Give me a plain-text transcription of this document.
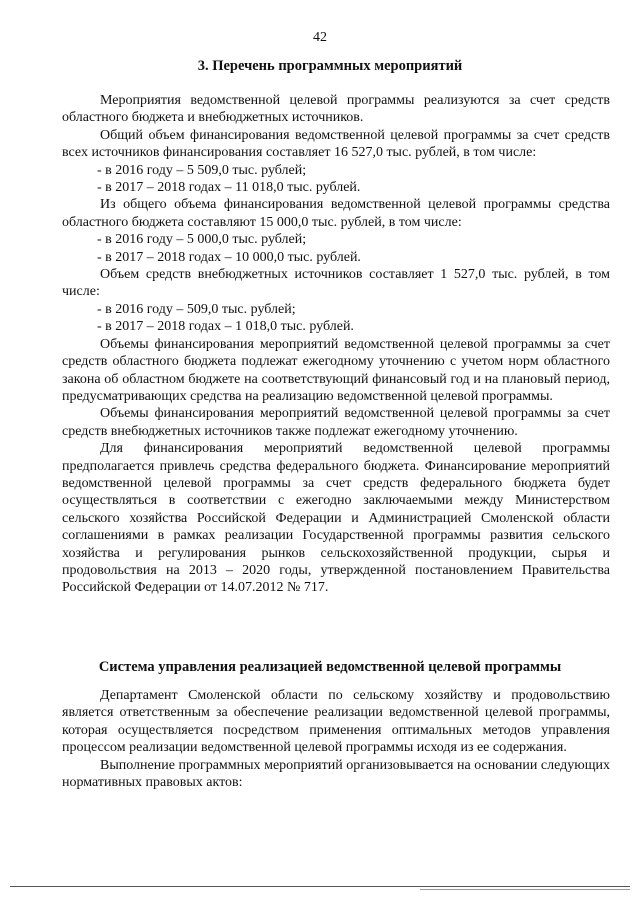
42
3. Перечень программных мероприятий

Мероприятия ведомственной целевой программы реализуются за счет средств областного бюджета и внебюджетных источников.

Общий объем финансирования ведомственной целевой программы за счет средств всех источников финансирования составляет 16 527,0 тыс. рублей, в том числе:

- в 2016 году – 5 509,0 тыс. рублей;

- в 2017 – 2018 годах – 11 018,0 тыс. рублей.

Из общего объема финансирования ведомственной целевой программы средства областного бюджета составляют 15 000,0 тыс. рублей, в том числе:

- в 2016 году – 5 000,0 тыс. рублей;

- в 2017 – 2018 годах – 10 000,0 тыс. рублей.

Объем средств внебюджетных источников составляет 1 527,0 тыс. рублей, в том числе:

- в 2016 году – 509,0 тыс. рублей;

- в 2017 – 2018 годах – 1 018,0 тыс. рублей.

Объемы финансирования мероприятий ведомственной целевой программы за счет средств областного бюджета подлежат ежегодному уточнению с учетом норм областного закона об областном бюджете на соответствующий финансовый год и на плановый период, предусматривающих средства на реализацию ведомственной целевой программы.

Объемы финансирования мероприятий ведомственной целевой программы за счет средств внебюджетных источников также подлежат ежегодному уточнению.

Для финансирования мероприятий ведомственной целевой программы предполагается привлечь средства федерального бюджета. Финансирование мероприятий ведомственной целевой программы за счет средств федерального бюджета будет осуществляться в соответствии с ежегодно заключаемыми между Министерством сельского хозяйства Российской Федерации и Администрацией Смоленской области соглашениями в рамках реализации Государственной программы развития сельского хозяйства и регулирования рынков сельскохозяйственной продукции, сырья и продовольствия на 2013 – 2020 годы, утвержденной постановлением Правительства Российской Федерации от 14.07.2012 № 717.

Система управления реализацией ведомственной целевой программы

Департамент Смоленской области по сельскому хозяйству и продовольствию является ответственным за обеспечение реализации ведомственной целевой программы, которая осуществляется посредством применения оптимальных методов управления процессом реализации ведомственной целевой программы исходя из ее содержания.

Выполнение программных мероприятий организовывается на основании следующих нормативных правовых актов:
